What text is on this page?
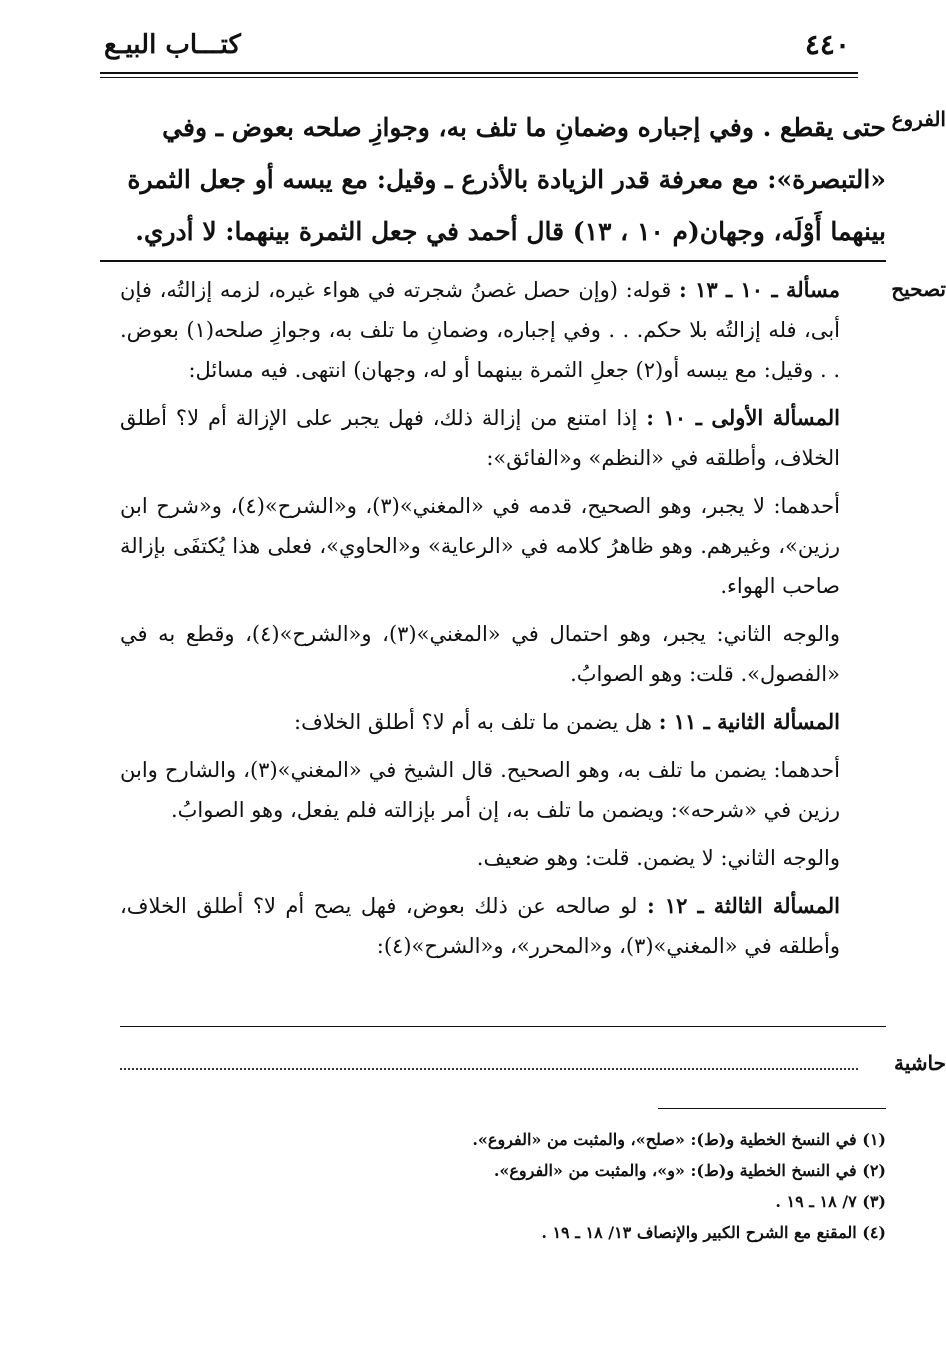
٤٤٠
كتـــاب البيـع
الفروع
تصحيح
حاشية
حتى يقطع . وفي إجباره وضمانِ ما تلف به، وجوازِ صلحه بعوض ـ وفي
«التبصرة»: مع معرفة قدر الزيادة بالأذرع ـ وقيل: مع يبسه أو جعل الثمرة
بينهما أَوْلَه، وجهان(م ١٠ ، ١٣) قال أحمد في جعل الثمرة بينهما: لا أدري.

مسألة ـ ١٠ ـ ١٣ : قوله: (وإن حصل غصنُ شجرته في هواء غيره، لزمه إزالتُه، فإن أبى، فله إزالتُه بلا حكم. . . وفي إجباره، وضمانِ ما تلف به، وجوازِ صلحه(١) بعوض. . . وقيل: مع يبسه أو(٢) جعلِ الثمرة بينهما أو له، وجهان) انتهى. فيه مسائل:

المسألة الأولى ـ ١٠ : إذا امتنع من إزالة ذلك، فهل يجبر على الإزالة أم لا؟ أطلق الخلاف، وأطلقه في «النظم» و«الفائق»:

أحدهما: لا يجبر، وهو الصحيح، قدمه في «المغني»(٣)، و«الشرح»(٤)، و«شرح ابن رزين»، وغيرهم. وهو ظاهرُ كلامه في «الرعاية» و«الحاوي»، فعلى هذا يُكتفَى بإزالة صاحب الهواء.

والوجه الثاني: يجبر، وهو احتمال في «المغني»(٣)، و«الشرح»(٤)، وقطع به في «الفصول». قلت: وهو الصوابُ.

المسألة الثانية ـ ١١ : هل يضمن ما تلف به أم لا؟ أطلق الخلاف:

أحدهما: يضمن ما تلف به، وهو الصحيح. قال الشيخ في «المغني»(٣)، والشارح وابن رزين في «شرحه»: ويضمن ما تلف به، إن أمر بإزالته فلم يفعل، وهو الصوابُ.

والوجه الثاني: لا يضمن. قلت: وهو ضعيف.

المسألة الثالثة ـ ١٢ : لو صالحه عن ذلك بعوض، فهل يصح أم لا؟ أطلق الخلاف، وأطلقه في «المغني»(٣)، و«المحرر»، و«الشرح»(٤):

(١) في النسخ الخطية و(ط): «صلح»، والمثبت من «الفروع».
(٢) في النسخ الخطية و(ط): «و»، والمثبت من «الفروع».
(٣) ٧/ ١٨ ـ ١٩ .
(٤) المقنع مع الشرح الكبير والإنصاف ١٣/ ١٨ ـ ١٩ .
